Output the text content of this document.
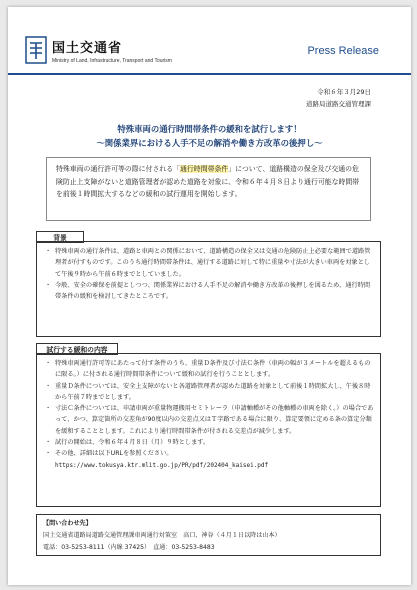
国土交通省
Ministry of Land, Infrastructure, Transport and Tourism
Press Release
令和６年３月29日
道路局道路交通管理課
特殊車両の通行時間帯条件の緩和を試行します！
〜関係業界における人手不足の解消や働き方改革の後押し〜
特殊車両の通行許可等の際に付される「通行時間帯条件」について、道路構造の保全及び交通の危険防止上支障がないと道路管理者が認めた道路を対象に、令和６年４月８日より通行可能な時間帯を前後１時間拡大するなどの緩和の試行運用を開始します。
背景
・ 特殊車両の通行条件は、道路と車両との関係において、道路構造の保全又は交通の危険防止上必要な範囲で道路管理者が付すものです。このうち通行時間帯条件は、通行する道路に対して特に重量や寸法が大きい車両を対象として午後９時から午前６時までとしていました。
・ 今般、安全の確保を前提としつつ、関係業界における人手不足の解消や働き方改革の後押しを図るため、通行時間帯条件の緩和を検討してきたところです。
試行する緩和の内容
・ 特殊車両通行許可等にあたって付す条件のうち、重量Ｄ条件及び寸法Ｃ条件（車両の幅が３メートルを超えるものに限る。）に付される通行時間帯条件について緩和の試行を行うこととします。
・ 重量Ｄ条件については、安全上支障がないと各道路管理者が認めた道路を対象として前後１時間拡大し、午後８時から午前７時までとします。
・ 寸法Ｃ条件については、申請車両が重量物運搬用セミトレーラ（申請軸種がその他軸種の車両を除く。）の場合であって、かつ、算定箇所の交差角が90度以内の交差点又はＴ字路である場合に限り、算定要領に定める条の算定分類を緩和することとします。これにより通行時間帯条件が付される交差点が減少します。
・ 試行の開始は、令和６年４月８日（月）９時とします。
・ その他、詳細は以下URLを参照ください。
https://www.tokusya.ktr.mlit.go.jp/PR/pdf/202404_kaisei.pdf
【問い合わせ先】
国土交通省道路局道路交通管理課車両通行対策室　高口、神谷（４月１日以降は山本）
電話：03-5253-8111（内線 37425）　直通：03-5253-8483
